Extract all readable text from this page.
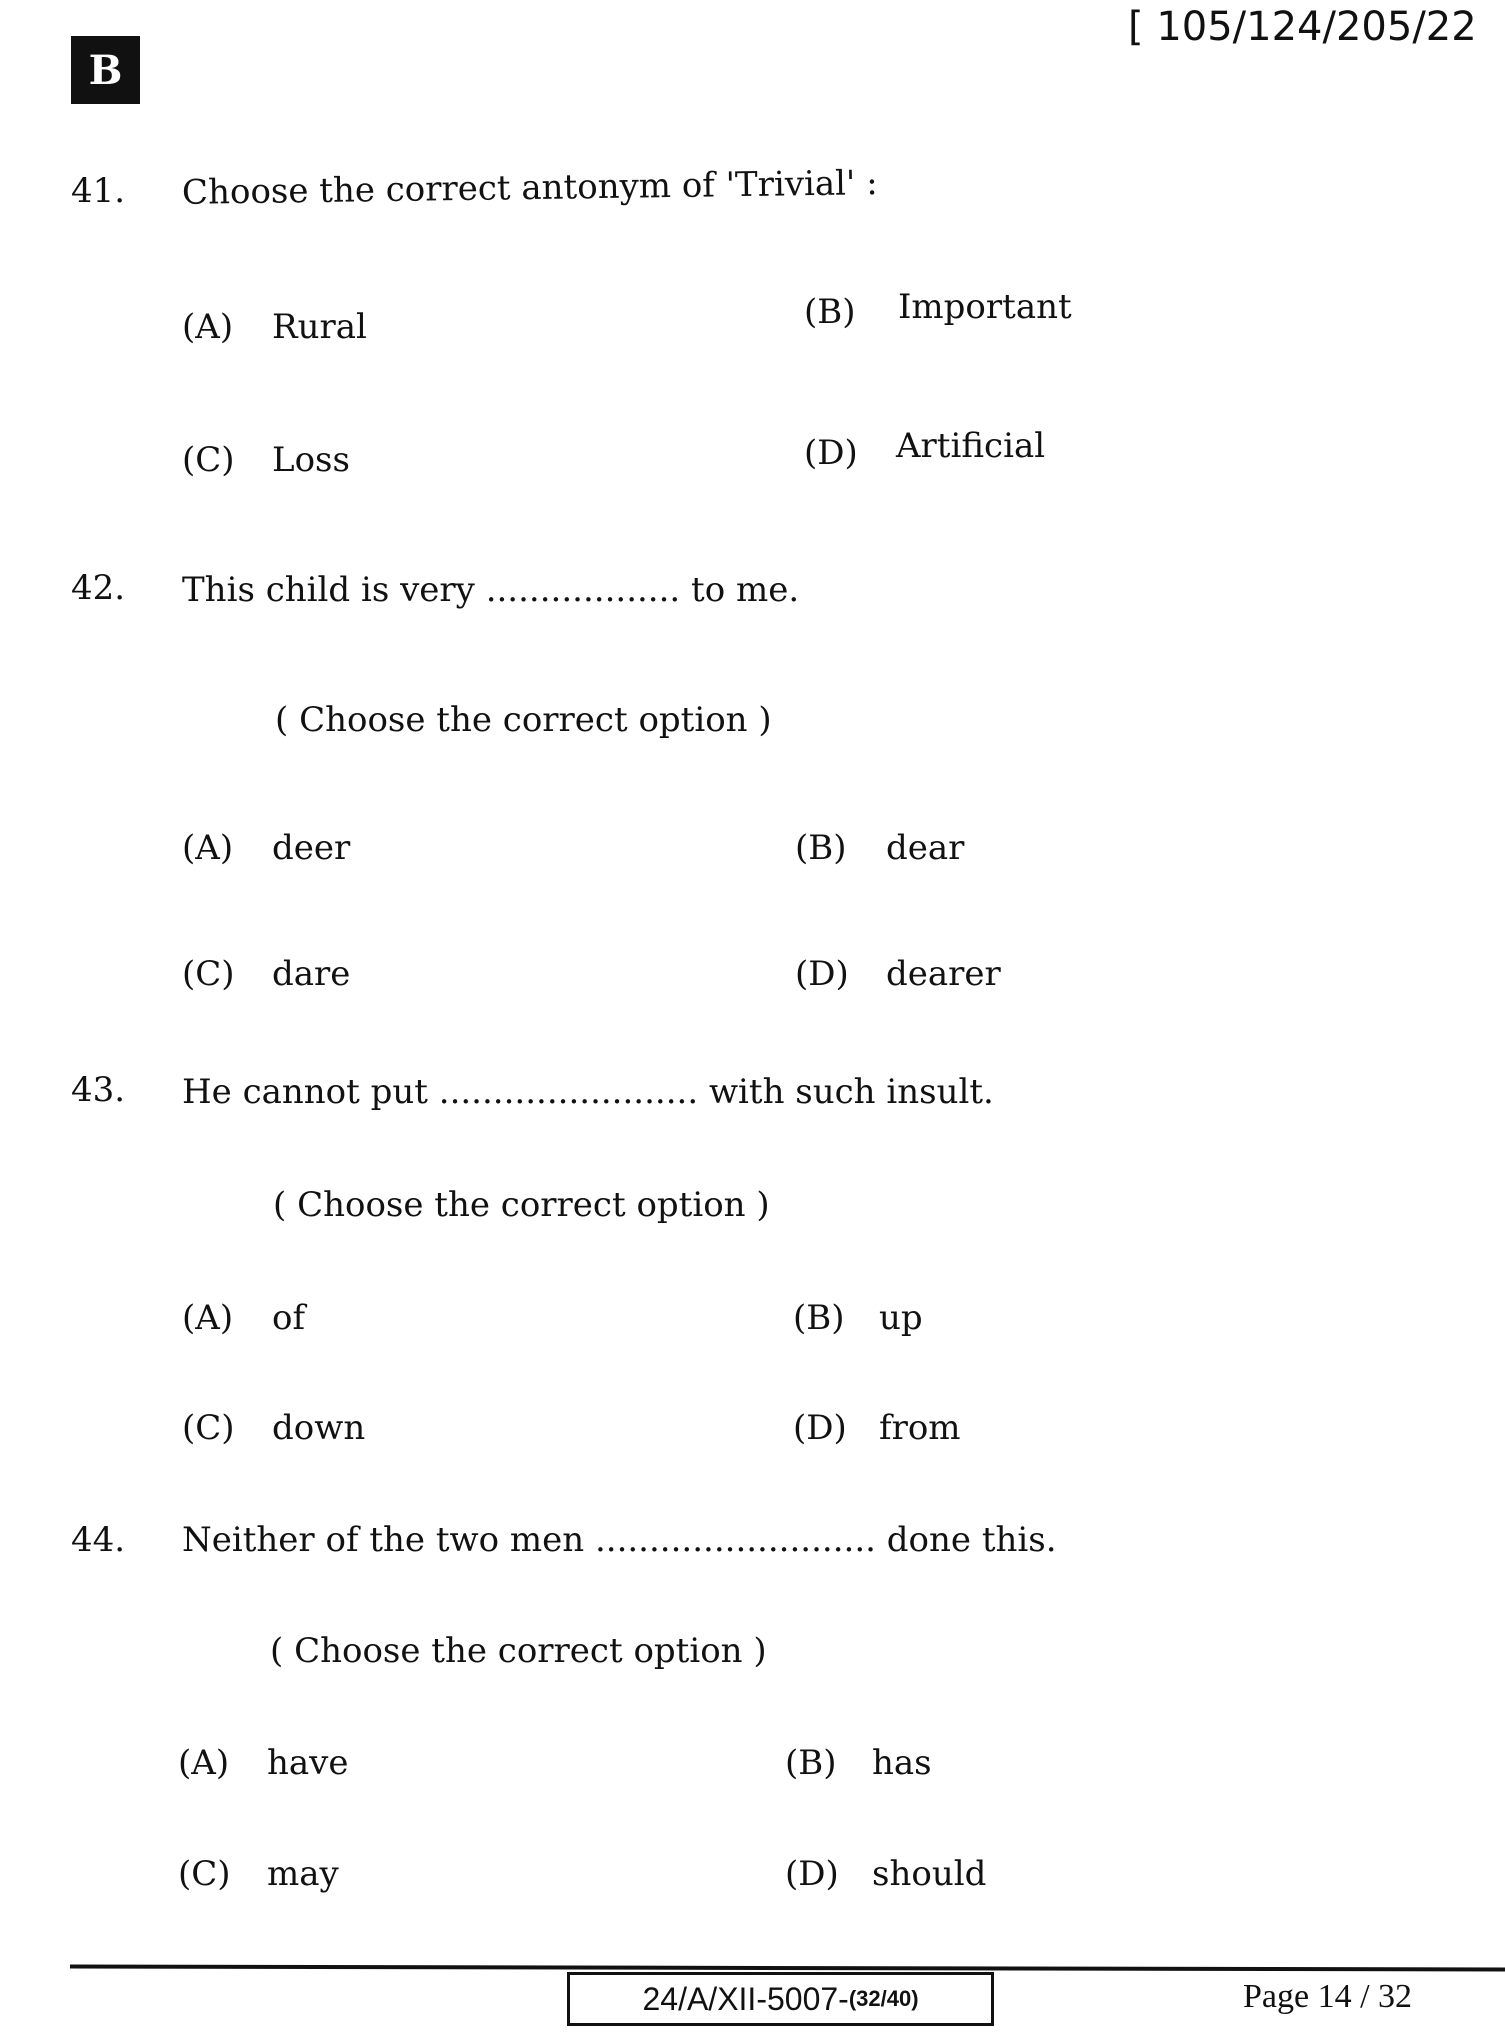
B
[ 105/124/205/22
41. Choose the correct antonym of 'Trivial' :
(A) Rural	(B) Important
(C) Loss	(D) Artificial
42. This child is very .................. to me.
( Choose the correct option )
(A) deer	(B) dear
(C) dare	(D) dearer
43. He cannot put ........................ with such insult.
( Choose the correct option )
(A) of	(B) up
(C) down	(D) from
44. Neither of the two men .......................... done this.
( Choose the correct option )
(A) have	(B) has
(C) may	(D) should
24/A/XII-5007- (32/40)	Page 14 / 32
